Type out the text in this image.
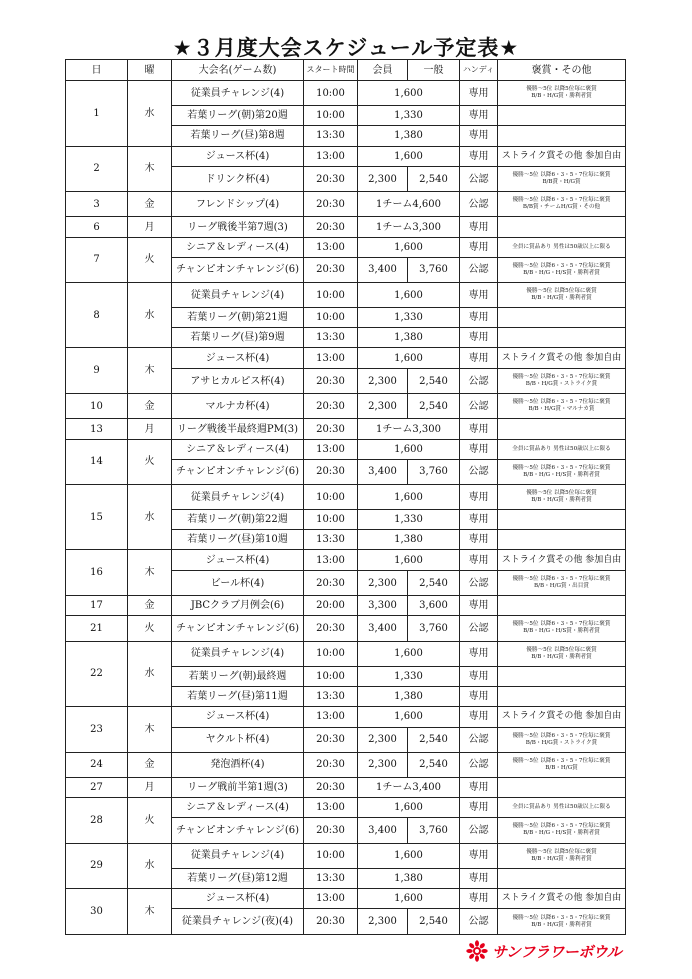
★３月度大会スケジュール予定表★
日	曜	大会名(ゲーム数)	スタート時間	会員	一般	ハンディ	褒賞・その他
1	水	従業員チャレンジ(4)	10:00	1,600		専用	優勝～5位 以降5位毎に褒賞
B/B・H/G賞・勝利者賞
		若葉リーグ(朝)第20週	10:00	1,330		専用	
		若葉リーグ(昼)第8週	13:30	1,380		専用	
2	木	ジュース杯(4)	13:00	1,600		専用	ストライク賞その他 参加自由
		ドリンク杯(4)	20:30	2,300	2,540	公認	優勝～5位 以降6・3・5・7位毎に褒賞
B/B賞・H/G賞
3	金	フレンドシップ(4)	20:30	1チーム4,600		公認	優勝～5位 以降6・3・5・7位毎に褒賞
B/B賞・チームH/G賞・その他
6	月	リーグ戦後半第7週(3)	20:30	1チーム3,300		専用	
7	火	シニア＆レディース(4)	13:00	1,600		専用	全員に賞品あり 男性は50歳以上に限る
		チャンピオンチャレンジ(6)	20:30	3,400	3,760	公認	優勝～5位 以降6・3・5・7位毎に褒賞
B/B・H/G・H/S賞・勝利者賞
8	水	従業員チャレンジ(4)	10:00	1,600		専用	優勝～5位 以降5位毎に褒賞
B/B・H/G賞・勝利者賞
		若葉リーグ(朝)第21週	10:00	1,330		専用	
		若葉リーグ(昼)第9週	13:30	1,380		専用	
9	木	ジュース杯(4)	13:00	1,600		専用	ストライク賞その他 参加自由
		アサヒカルピス杯(4)	20:30	2,300	2,540	公認	優勝～5位 以降6・3・5・7位毎に褒賞
B/B・H/G賞・ストライク賞
10	金	マルナカ杯(4)	20:30	2,300	2,540	公認	優勝～5位 以降6・3・5・7位毎に褒賞
B/B・H/G賞・マルナカ賞
13	月	リーグ戦後半最終週PM(3)	20:30	1チーム3,300		専用	
14	火	シニア＆レディース(4)	13:00	1,600		専用	全員に賞品あり 男性は50歳以上に限る
		チャンピオンチャレンジ(6)	20:30	3,400	3,760	公認	優勝～5位 以降6・3・5・7位毎に褒賞
B/B・H/G・H/S賞・勝利者賞
15	水	従業員チャレンジ(4)	10:00	1,600		専用	優勝～5位 以降5位毎に褒賞
B/B・H/G賞・勝利者賞
		若葉リーグ(朝)第22週	10:00	1,330		専用	
		若葉リーグ(昼)第10週	13:30	1,380		専用	
16	木	ジュース杯(4)	13:00	1,600		専用	ストライク賞その他 参加自由
		ビール杯(4)	20:30	2,300	2,540	公認	優勝～5位 以降6・3・5・7位毎に褒賞
B/B・H/G賞・出目賞
17	金	JBCクラブ月例会(6)	20:00	3,300	3,600	専用	
21	火	チャンピオンチャレンジ(6)	20:30	3,400	3,760	公認	優勝～5位 以降6・3・5・7位毎に褒賞
B/B・H/G・H/S賞・勝利者賞
22	水	従業員チャレンジ(4)	10:00	1,600		専用	優勝～5位 以降5位毎に褒賞
B/B・H/G賞・勝利者賞
		若葉リーグ(朝)最終週	10:00	1,330		専用	
		若葉リーグ(昼)第11週	13:30	1,380		専用	
23	木	ジュース杯(4)	13:00	1,600		専用	ストライク賞その他 参加自由
		ヤクルト杯(4)	20:30	2,300	2,540	公認	優勝～5位 以降6・3・5・7位毎に褒賞
B/B・H/G賞・ストライク賞
24	金	発泡酒杯(4)	20:30	2,300	2,540	公認	優勝～5位 以降6・3・5・7位毎に褒賞
B/B・H/G賞
27	月	リーグ戦前半第1週(3)	20:30	1チーム3,400		専用	
28	火	シニア＆レディース(4)	13:00	1,600		専用	全員に賞品あり 男性は50歳以上に限る
		チャンピオンチャレンジ(6)	20:30	3,400	3,760	公認	優勝～5位 以降6・3・5・7位毎に褒賞
B/B・H/G・H/S賞・勝利者賞
29	水	従業員チャレンジ(4)	10:00	1,600		専用	優勝～5位 以降5位毎に褒賞
B/B・H/G賞・勝利者賞
		若葉リーグ(昼)第12週	13:30	1,380		専用	
30	木	ジュース杯(4)	13:00	1,600		専用	ストライク賞その他 参加自由
		従業員チャレンジ(夜)(4)	20:30	2,300	2,540	公認	優勝～5位 以降6・3・5・7位毎に褒賞
B/B・H/G賞・勝利者賞
サンフラワーボウル
